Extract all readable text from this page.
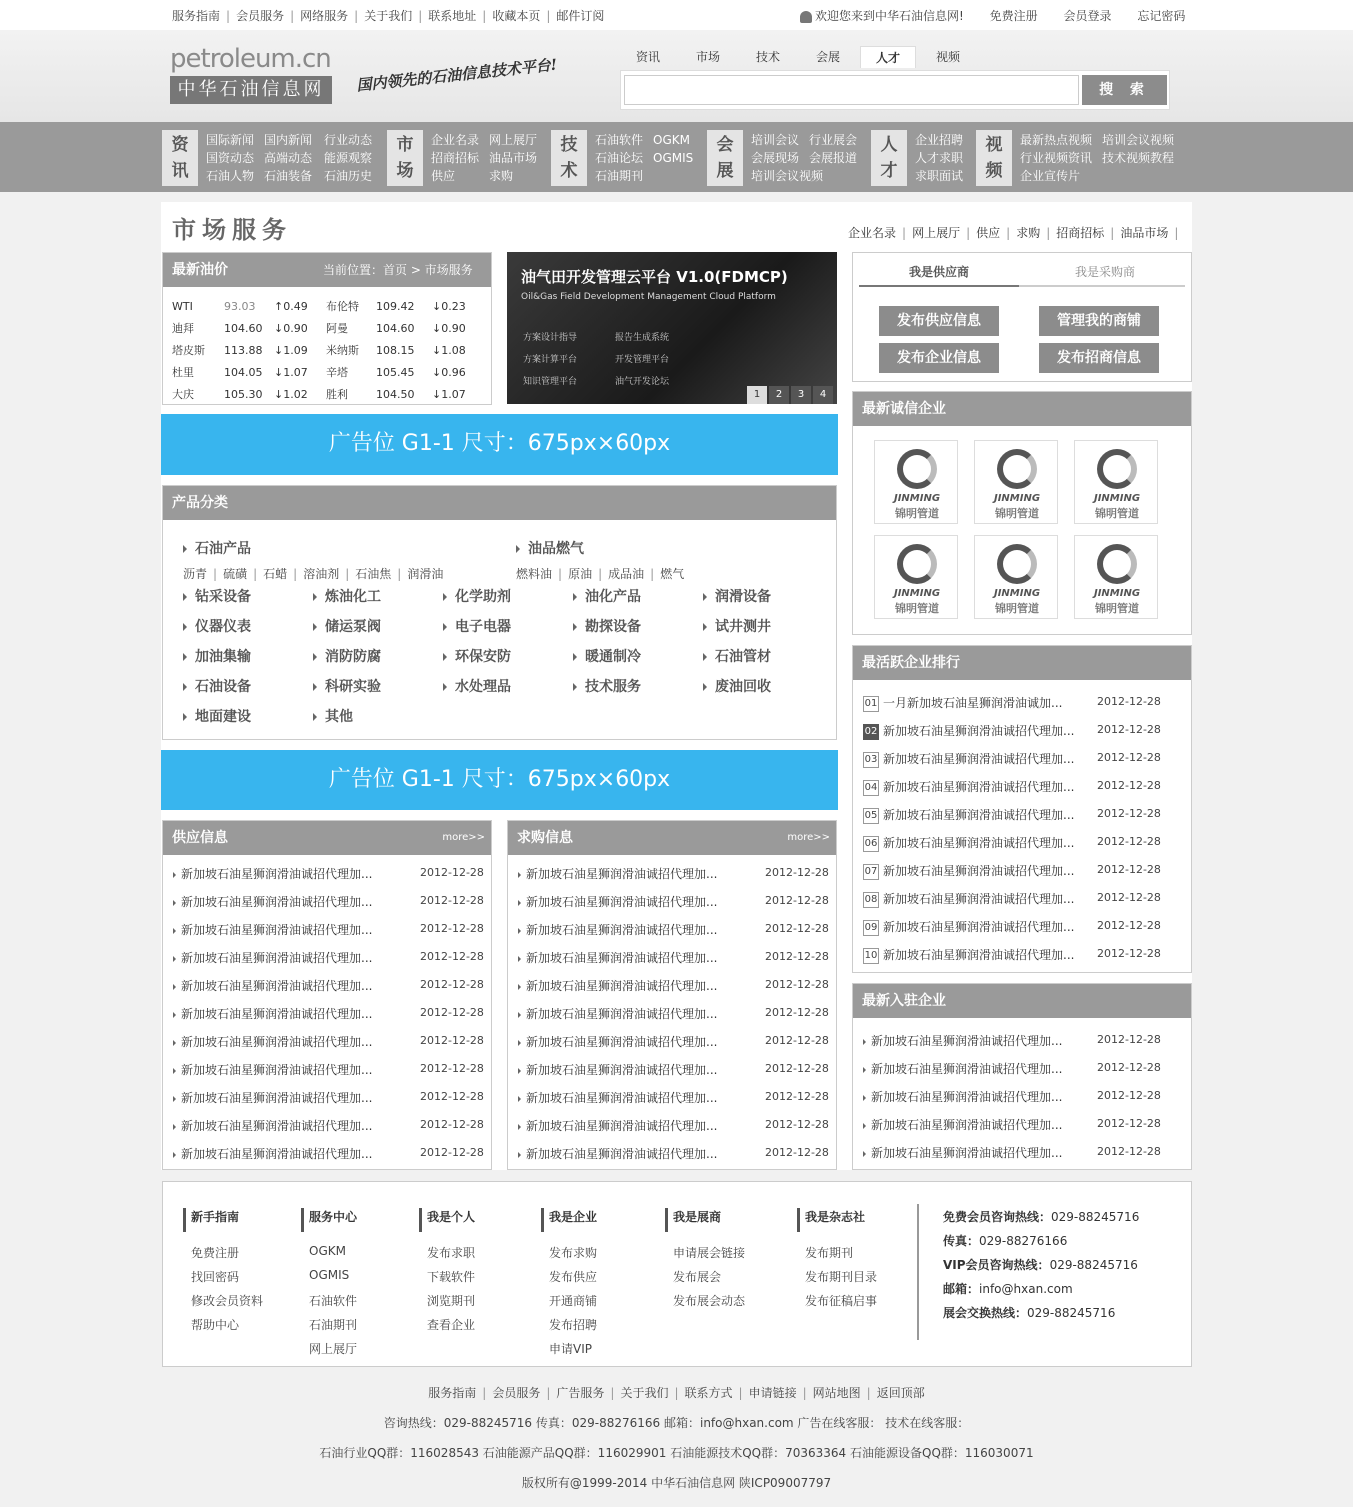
服务指南 | 会员服务 | 网络服务 | 关于我们 | 联系地址 | 收藏本页 | 邮件订阅	欢迎您来到中华石油信息网! 免费注册 会员登录 忘记密码
petroleum.cn
中华石油信息网	国内领先的石油信息技术平台!	资讯	市场	技术	会展	人才	视频
搜 索
资
讯
国际新闻 国内新闻 行业动态
国资动态 高端动态 能源观察
石油人物 石油装备 石油历史
市
场
企业名录 网上展厅
招商招标 油品市场
供应	求购
技
术
石油软件 OGKM
石油论坛 OGMIS
石油期刊
会
展
培训会议 行业展会
会展现场 会展报道
培训会议视频
人
才
企业招聘
人才求职
求职面试
视
频
最新热点视频 培训会议视频
行业视频资讯 技术视频教程
企业宣传片
市场服务	企业名录 | 网上展厅 | 供应 | 求购 | 招商招标 | 油品市场 |
最新油价	当前位置：首页 > 市场服务
WTI	93.03	↑0.49	布伦特	109.42	↓0.23
迪拜	104.60	↓0.90	阿曼	104.60	↓0.90
塔皮斯	113.88	↓1.09	米纳斯	108.15	↓1.08
杜里	104.05	↓1.07	辛塔	105.45	↓0.96
大庆	105.30	↓1.02	胜利	104.50	↓1.07
油气田开发管理云平台 V1.0(FDMCP)
Oil&Gas Field Development Management Cloud Platform
方案设计指导	报告生成系统
方案计算平台	开发管理平台
知识管理平台	油气开发论坛
1	2	3	4
广告位 G1-1 尺寸：675px×60px
产品分类
石油产品
沥青 | 硫磺 | 石蜡 | 溶油剂 | 石油焦 | 润滑油
油品燃气
燃料油 | 原油 | 成品油 | 燃气
钻采设备	炼油化工	化学助剂	油化产品	润滑设备
仪器仪表	储运泵阀	电子电器	勘探设备	试井测井
加油集输	消防防腐	环保安防	暖通制冷	石油管材
石油设备	科研实验	水处理品	技术服务	废油回收
地面建设	其他
广告位 G1-1 尺寸：675px×60px
供应信息	more>>
新加坡石油星狮润滑油诚招代理加...	2012-12-28
新加坡石油星狮润滑油诚招代理加...	2012-12-28
新加坡石油星狮润滑油诚招代理加...	2012-12-28
新加坡石油星狮润滑油诚招代理加...	2012-12-28
新加坡石油星狮润滑油诚招代理加...	2012-12-28
新加坡石油星狮润滑油诚招代理加...	2012-12-28
新加坡石油星狮润滑油诚招代理加...	2012-12-28
新加坡石油星狮润滑油诚招代理加...	2012-12-28
新加坡石油星狮润滑油诚招代理加...	2012-12-28
新加坡石油星狮润滑油诚招代理加...	2012-12-28
新加坡石油星狮润滑油诚招代理加...	2012-12-28
求购信息	more>>
新加坡石油星狮润滑油诚招代理加...	2012-12-28
新加坡石油星狮润滑油诚招代理加...	2012-12-28
新加坡石油星狮润滑油诚招代理加...	2012-12-28
新加坡石油星狮润滑油诚招代理加...	2012-12-28
新加坡石油星狮润滑油诚招代理加...	2012-12-28
新加坡石油星狮润滑油诚招代理加...	2012-12-28
新加坡石油星狮润滑油诚招代理加...	2012-12-28
新加坡石油星狮润滑油诚招代理加...	2012-12-28
新加坡石油星狮润滑油诚招代理加...	2012-12-28
新加坡石油星狮润滑油诚招代理加...	2012-12-28
新加坡石油星狮润滑油诚招代理加...	2012-12-28
我是供应商	我是采购商
发布供应信息	管理我的商铺
发布企业信息	发布招商信息
最新诚信企业
JINMING
锦明管道
JINMING
锦明管道
JINMING
锦明管道
JINMING
锦明管道
JINMING
锦明管道
JINMING
锦明管道
最活跃企业排行
01 一月新加坡石油星狮润滑油诚加...	2012-12-28
02 新加坡石油星狮润滑油诚招代理加... 2012-12-28
03 新加坡石油星狮润滑油诚招代理加... 2012-12-28
04 新加坡石油星狮润滑油诚招代理加... 2012-12-28
05 新加坡石油星狮润滑油诚招代理加... 2012-12-28
06 新加坡石油星狮润滑油诚招代理加... 2012-12-28
07 新加坡石油星狮润滑油诚招代理加... 2012-12-28
08 新加坡石油星狮润滑油诚招代理加... 2012-12-28
09 新加坡石油星狮润滑油诚招代理加... 2012-12-28
10 新加坡石油星狮润滑油诚招代理加... 2012-12-28
最新入驻企业
新加坡石油星狮润滑油诚招代理加...	2012-12-28
新加坡石油星狮润滑油诚招代理加...	2012-12-28
新加坡石油星狮润滑油诚招代理加...	2012-12-28
新加坡石油星狮润滑油诚招代理加...	2012-12-28
新加坡石油星狮润滑油诚招代理加...	2012-12-28
新手指南
免费注册
找回密码
修改会员资料
帮助中心
服务中心
OGKM
OGMIS
石油软件
石油期刊
网上展厅
我是个人
发布求职
下载软件
浏览期刊
查看企业
我是企业
发布求购
发布供应
开通商铺
发布招聘
申请VIP
我是展商
申请展会链接
发布展会
发布展会动态
我是杂志社
发布期刊
发布期刊目录
发布征稿启事
免费会员咨询热线：029-88245716
传真：029-88276166
VIP会员咨询热线：029-88245716
邮箱：info@hxan.com
展会交换热线：029-88245716
服务指南 | 会员服务 | 广告服务 | 关于我们 | 联系方式 | 申请链接 | 网站地图 | 返回顶部
咨询热线：029-88245716 传真：029-88276166 邮箱：info@hxan.com 广告在线客服： 技术在线客服：
石油行业QQ群：116028543 石油能源产品QQ群：116029901 石油能源技术QQ群：70363364 石油能源设备QQ群：116030071
版权所有@1999-2014 中华石油信息网 陕ICP09007797
